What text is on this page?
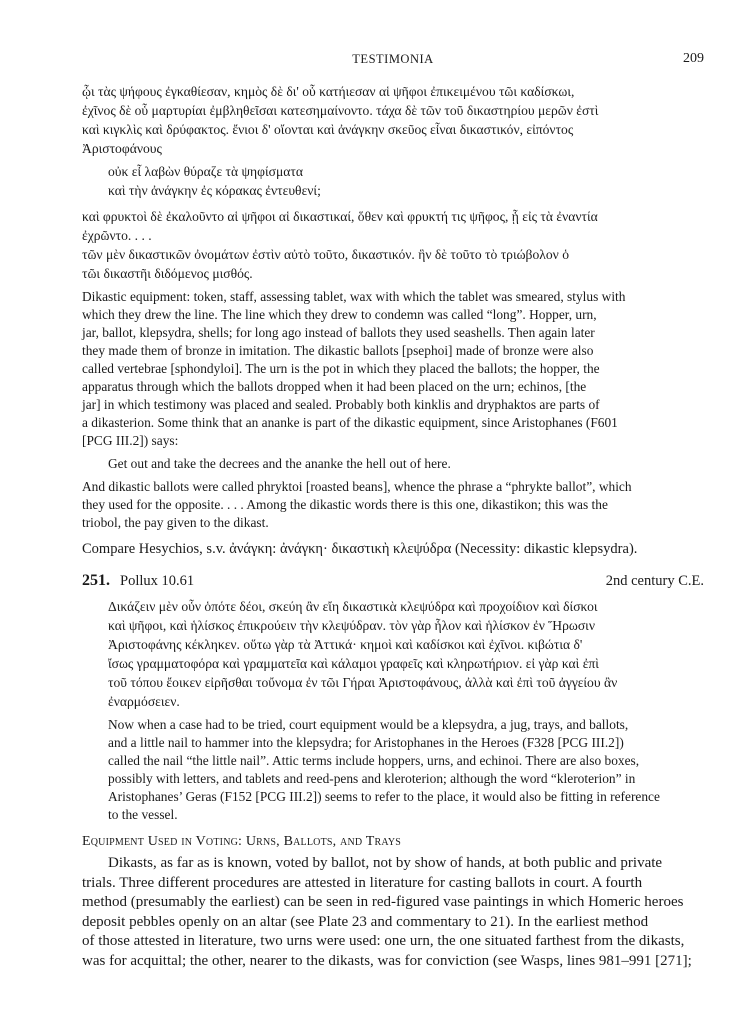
TESTIMONIA	209

ᾧι τὰς ψήφους ἐγκαθίεσαν, κημὸς δὲ δι' οὗ κατήιεσαν αἱ ψῆφοι ἐπικειμένου τῶι καδίσκωι,

ἐχῖνος δὲ οὗ μαρτυρίαι ἐμβληθεῖσαι κατεσημαίνοντο. τάχα δὲ τῶν τοῦ δικαστηρίου μερῶν ἐστὶ

καὶ κιγκλὶς καὶ δρύφακτος. ἔνιοι δ' οἴονται καὶ ἀνάγκην σκεῦος εἶναι δικαστικόν, εἰπόντος

Ἀριστοφάνους

οὐκ εἶ λαβὼν θύραζε τὰ ψηφίσματα

καὶ τὴν ἀνάγκην ἐς κόρακας ἐντευθενί;

καὶ φρυκτοὶ δὲ ἐκαλοῦντο αἱ ψῆφοι αἱ δικαστικαί, ὅθεν καὶ φρυκτή τις ψῆφος, ᾗ εἰς τὰ ἐναντία

ἐχρῶντο. . . .

τῶν μὲν δικαστικῶν ὀνομάτων ἐστὶν αὐτὸ τοῦτο, δικαστικόν. ἣν δὲ τοῦτο τὸ τριώβολον ὁ

τῶι δικαστῆι διδόμενος μισθός.

Dikastic equipment: token, staff, assessing tablet, wax with which the tablet was smeared, stylus with

which they drew the line. The line which they drew to condemn was called “long”. Hopper, urn,

jar, ballot, klepsydra, shells; for long ago instead of ballots they used seashells. Then again later

they made them of bronze in imitation. The dikastic ballots [psephoi] made of bronze were also

called vertebrae [sphondyloi]. The urn is the pot in which they placed the ballots; the hopper, the

apparatus through which the ballots dropped when it had been placed on the urn; echinos, [the

jar] in which testimony was placed and sealed. Probably both kinklis and dryphaktos are parts of

a dikasterion. Some think that an ananke is part of the dikastic equipment, since Aristophanes (F601

[PCG III.2]) says:

Get out and take the decrees and the ananke the hell out of here.

And dikastic ballots were called phryktoi [roasted beans], whence the phrase a “phrykte ballot”, which

they used for the opposite. . . . Among the dikastic words there is this one, dikastikon; this was the

triobol, the pay given to the dikast.

Compare Hesychios, s.v. ἀνάγκη: ἀνάγκη· δικαστικὴ κλεψύδρα (Necessity: dikastic klepsydra).

251. Pollux 10.61	2nd century C.E.

Δικάζειν μὲν οὖν ὁπότε δέοι, σκεύη ἂν εἴη δικαστικὰ κλεψύδρα καὶ προχοίδιον καὶ δίσκοι

καὶ ψῆφοι, καὶ ἡλίσκος ἐπικρούειν τὴν κλεψύδραν. τὸν γὰρ ἧλον καὶ ἡλίσκον ἐν Ἥρωσιν

Ἀριστοφάνης κέκληκεν. οὕτω γὰρ τὰ Ἀττικά· κημοὶ καὶ καδίσκοι καὶ ἐχῖνοι. κιβώτια δ'

ἴσως γραμματοφόρα καὶ γραμματεῖα καὶ κάλαμοι γραφεῖς καὶ κληρωτήριον. εἰ γὰρ καὶ ἐπὶ

τοῦ τόπου ἔοικεν εἰρῆσθαι τοὔνομα ἐν τῶι Γήραι Ἀριστοφάνους, ἀλλὰ καὶ ἐπὶ τοῦ ἀγγείου ἂν

ἐναρμόσειεν.

Now when a case had to be tried, court equipment would be a klepsydra, a jug, trays, and ballots,

and a little nail to hammer into the klepsydra; for Aristophanes in the Heroes (F328 [PCG III.2])

called the nail “the little nail”. Attic terms include hoppers, urns, and echinoi. There are also boxes,

possibly with letters, and tablets and reed-pens and kleroterion; although the word “kleroterion” in

Aristophanes’ Geras (F152 [PCG III.2]) seems to refer to the place, it would also be fitting in reference

to the vessel.

Equipment Used in Voting: Urns, Ballots, and Trays

Dikasts, as far as is known, voted by ballot, not by show of hands, at both public and private

trials. Three different procedures are attested in literature for casting ballots in court. A fourth

method (presumably the earliest) can be seen in red-figured vase paintings in which Homeric heroes

deposit pebbles openly on an altar (see Plate 23 and commentary to 21). In the earliest method

of those attested in literature, two urns were used: one urn, the one situated farthest from the dikasts,

was for acquittal; the other, nearer to the dikasts, was for conviction (see Wasps, lines 981–991 [271];
